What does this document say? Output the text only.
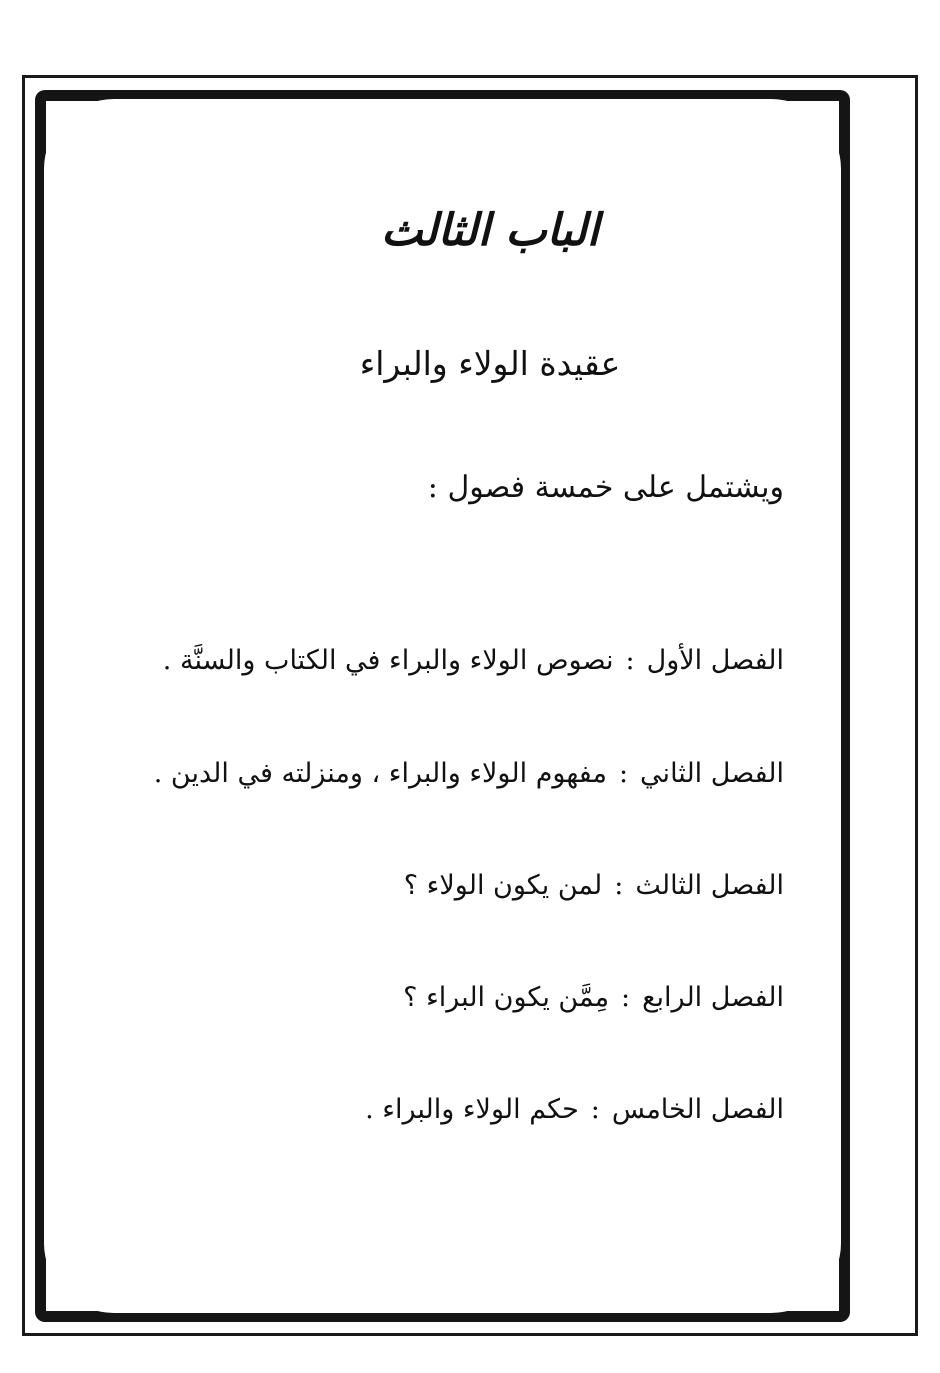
الباب الثالث
عقيدة الولاء والبراء
ويشتمل على خمسة فصول :
الفصل الأول:نصوص الولاء والبراء في الكتاب والسنَّة .
الفصل الثاني:مفهوم الولاء والبراء ، ومنزلته في الدين .
الفصل الثالث:لمن يكون الولاء ؟
الفصل الرابع:مِمَّن يكون البراء ؟
الفصل الخامس:حكم الولاء والبراء .
